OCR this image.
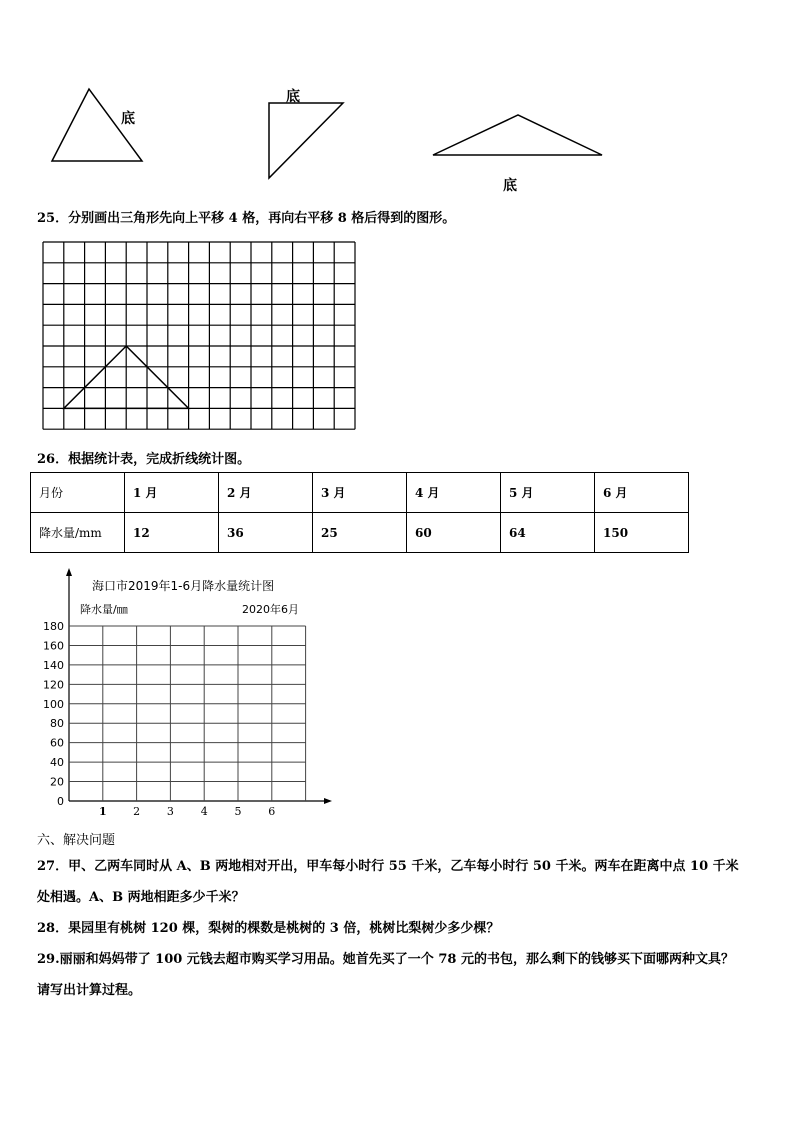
底
底
底
25．分别画出三角形先向上平移 4 格，再向右平移 8 格后得到的图形。
26．根据统计表，完成折线统计图。
月份	1 月	2 月	3 月	4 月	5 月	6 月
降水量/mm	12	36	25	60	64	150
0
20
40
60
80
100
120
140
160
180
1 2 3 4 5 6
海口市2019年1-6月降水量统计图
降水量/㎜	2020年6月
六、解决问题
27．甲、乙两车同时从 A、B 两地相对开出，甲车每小时行 55 千米，乙车每小时行 50 千米。两车在距离中点 10 千米
处相遇。A、B 两地相距多少千米？
28．果园里有桃树 120 棵，梨树的棵数是桃树的 3 倍，桃树比梨树少多少棵？
29.丽丽和妈妈带了 100 元钱去超市购买学习用品。她首先买了一个 78 元的书包，那么剩下的钱够买下面哪两种文具？
请写出计算过程。
